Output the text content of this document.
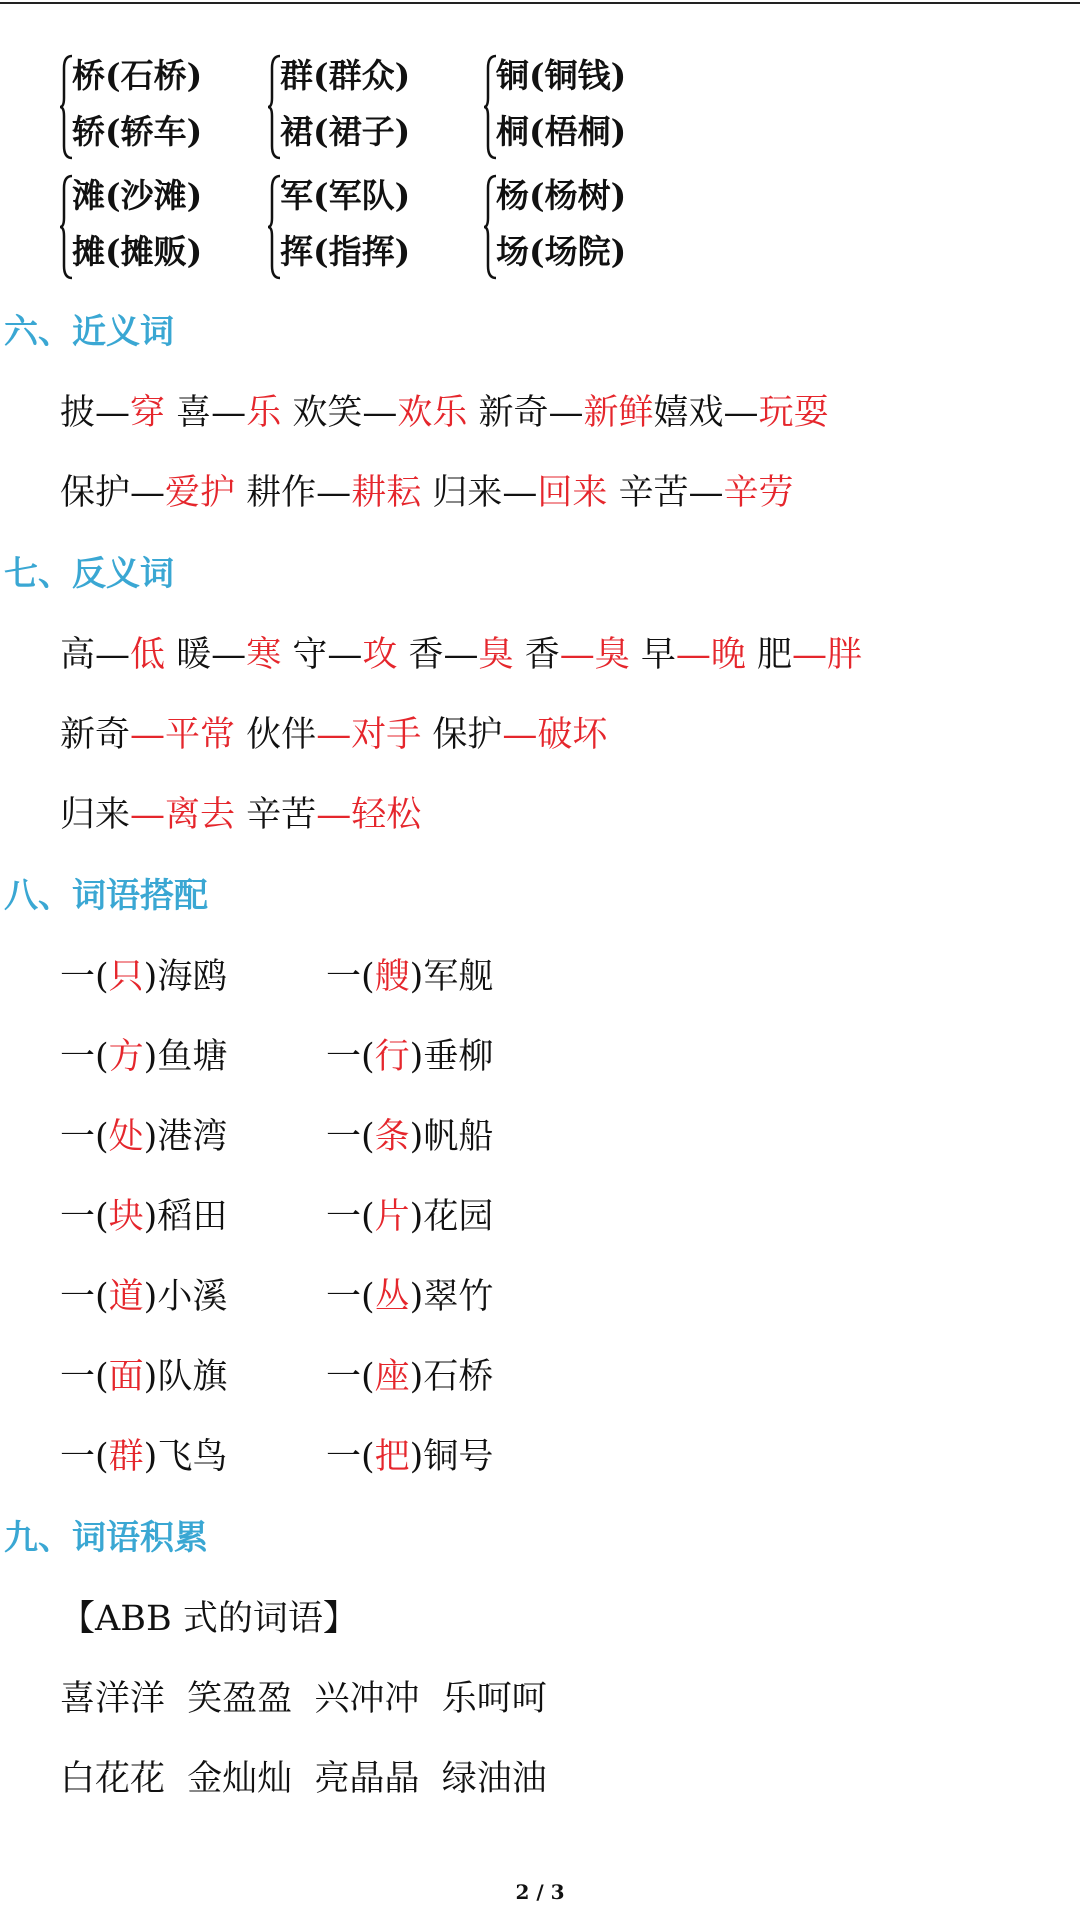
桥(石桥)
轿(轿车)
群(群众)
裙(裙子)
铜(铜钱)
桐(梧桐)
滩(沙滩)
摊(摊贩)
军(军队)
挥(指挥)
杨(杨树)
场(场院)
六、近义词
披—穿 喜—乐 欢笑—欢乐 新奇—新鲜嬉戏—玩耍
保护—爱护 耕作—耕耘 归来—回来 辛苦—辛劳
七、反义词
高—低 暖—寒 守—攻 香—臭 香—臭 早—晚 肥—胖
新奇—平常 伙伴—对手 保护—破坏
归来—离去 辛苦—轻松
八、词语搭配
一(只)海鸥	一(艘)军舰
一(方)鱼塘	一(行)垂柳
一(处)港湾	一(条)帆船
一(块)稻田	一(片)花园
一(道)小溪	一(丛)翠竹
一(面)队旗	一(座)石桥
一(群)飞鸟	一(把)铜号
九、词语积累
【ABB 式的词语】
喜洋洋  笑盈盈  兴冲冲  乐呵呵
白花花  金灿灿  亮晶晶  绿油油
2 / 3
